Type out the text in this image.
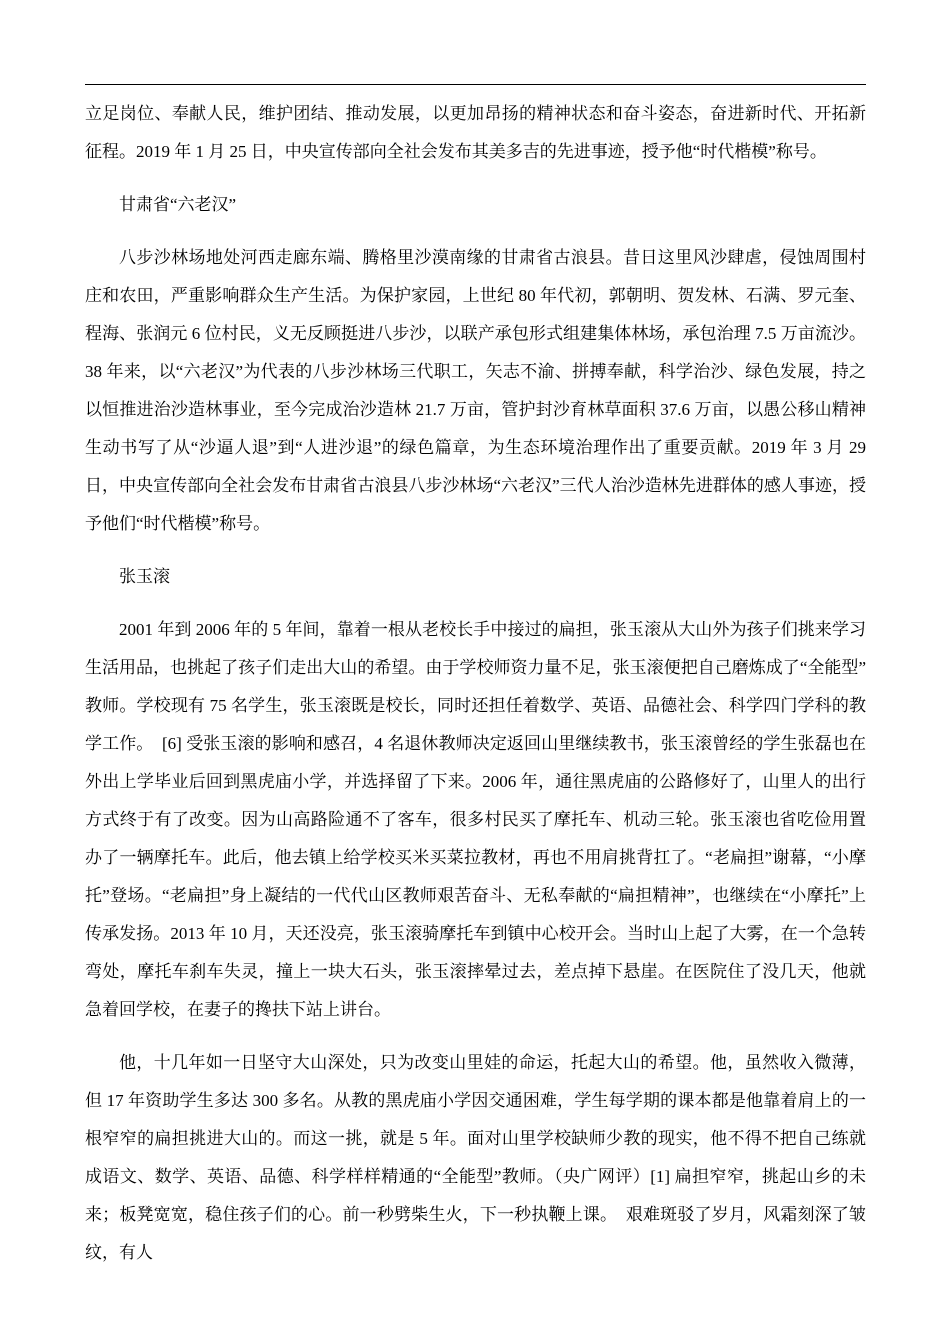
立足岗位、奉献人民，维护团结、推动发展，以更加昂扬的精神状态和奋斗姿态，奋进新时代、开拓新征程。2019 年 1 月 25 日，中央宣传部向全社会发布其美多吉的先进事迹，授予他“时代楷模”称号。

甘肃省“六老汉”

八步沙林场地处河西走廊东端、腾格里沙漠南缘的甘肃省古浪县。昔日这里风沙肆虐，侵蚀周围村庄和农田，严重影响群众生产生活。为保护家园，上世纪 80 年代初，郭朝明、贺发林、石满、罗元奎、程海、张润元 6 位村民，义无反顾挺进八步沙，以联产承包形式组建集体林场，承包治理 7.5 万亩流沙。38 年来，以“六老汉”为代表的八步沙林场三代职工，矢志不渝、拼搏奉献，科学治沙、绿色发展，持之以恒推进治沙造林事业，至今完成治沙造林 21.7 万亩，管护封沙育林草面积 37.6 万亩，以愚公移山精神生动书写了从“沙逼人退”到“人进沙退”的绿色篇章，为生态环境治理作出了重要贡献。2019 年 3 月 29 日，中央宣传部向全社会发布甘肃省古浪县八步沙林场“六老汉”三代人治沙造林先进群体的感人事迹，授予他们“时代楷模”称号。

张玉滚

2001 年到 2006 年的 5 年间，靠着一根从老校长手中接过的扁担，张玉滚从大山外为孩子们挑来学习生活用品，也挑起了孩子们走出大山的希望。由于学校师资力量不足，张玉滚便把自己磨炼成了“全能型”教师。学校现有 75 名学生，张玉滚既是校长，同时还担任着数学、英语、品德社会、科学四门学科的教学工作。　[6] 受张玉滚的影响和感召，4 名退休教师决定返回山里继续教书，张玉滚曾经的学生张磊也在外出上学毕业后回到黑虎庙小学，并选择留了下来。2006 年，通往黑虎庙的公路修好了，山里人的出行方式终于有了改变。因为山高路险通不了客车，很多村民买了摩托车、机动三轮。张玉滚也省吃俭用置办了一辆摩托车。此后，他去镇上给学校买米买菜拉教材，再也不用肩挑背扛了。“老扁担”谢幕，“小摩托”登场。“老扁担”身上凝结的一代代山区教师艰苦奋斗、无私奉献的“扁担精神”，也继续在“小摩托”上传承发扬。2013 年 10 月，天还没亮，张玉滚骑摩托车到镇中心校开会。当时山上起了大雾，在一个急转弯处，摩托车刹车失灵，撞上一块大石头，张玉滚摔晕过去，差点掉下悬崖。在医院住了没几天，他就急着回学校，在妻子的搀扶下站上讲台。

他，十几年如一日坚守大山深处，只为改变山里娃的命运，托起大山的希望。他，虽然收入微薄，但 17 年资助学生多达 300 多名。从教的黑虎庙小学因交通困难，学生每学期的课本都是他靠着肩上的一根窄窄的扁担挑进大山的。而这一挑，就是 5 年。面对山里学校缺师少教的现实，他不得不把自己练就成语文、数学、英语、品德、科学样样精通的“全能型”教师。（央广网评）[1] 扁担窄窄，挑起山乡的未来；板凳宽宽，稳住孩子们的心。前一秒劈柴生火，下一秒执鞭上课。　艰难斑驳了岁月，风霜刻深了皱纹，有人
